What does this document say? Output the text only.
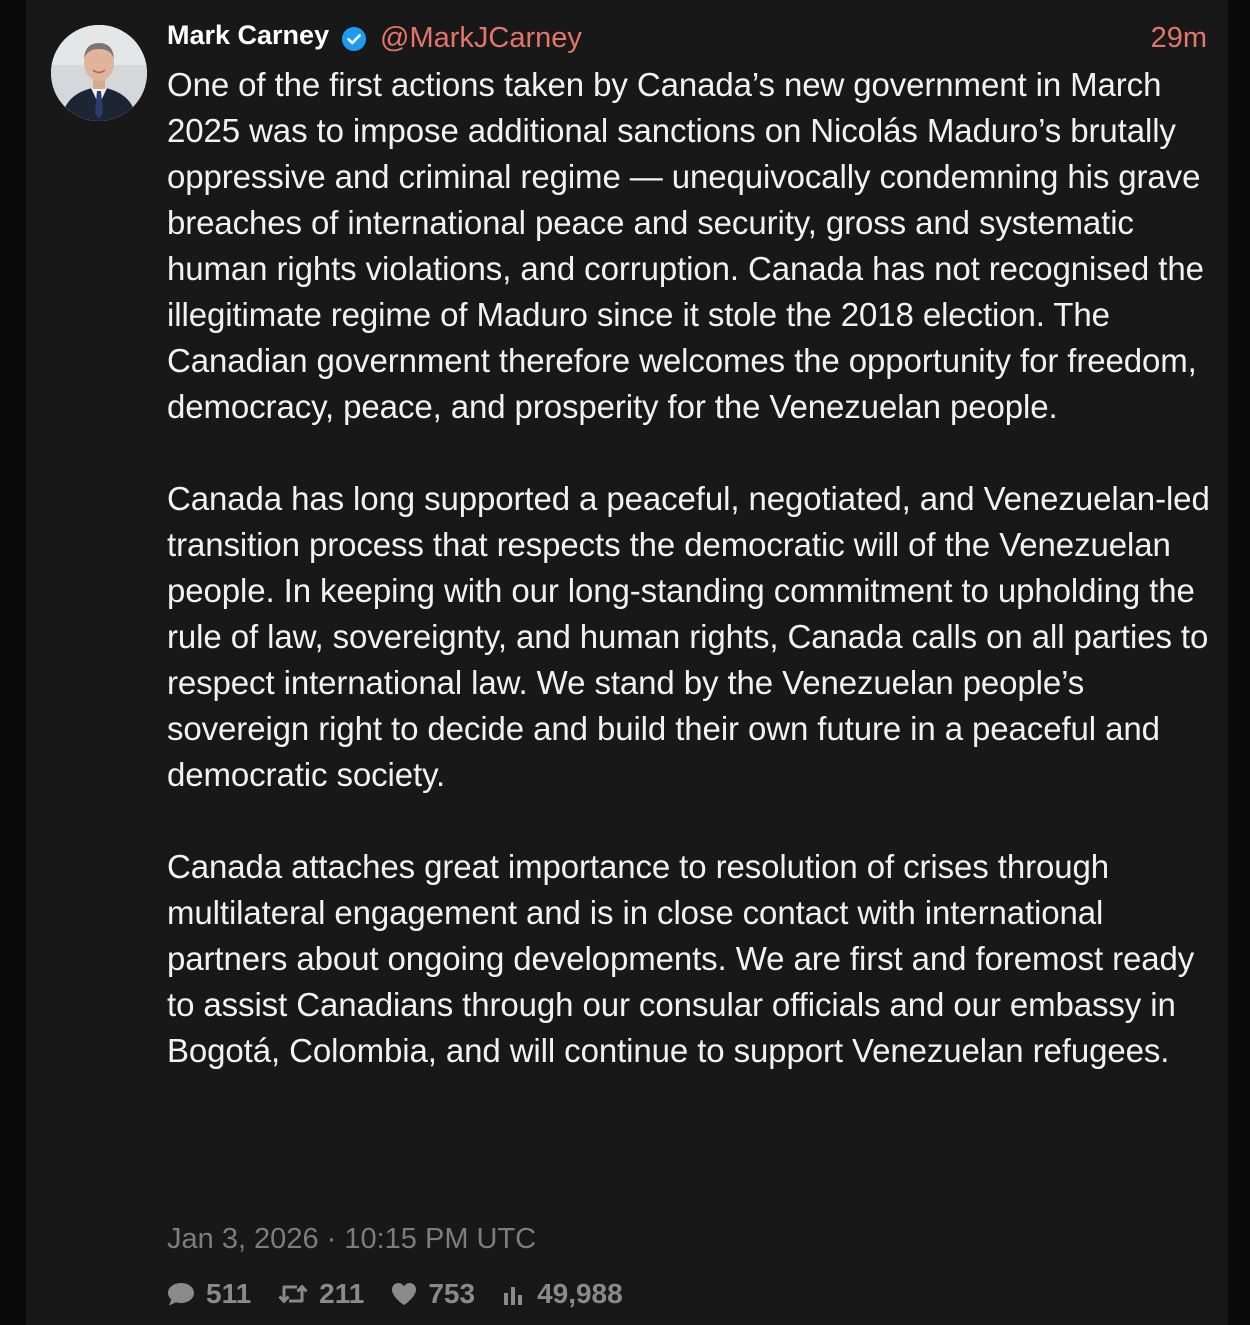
Mark Carney @MarkJCarney	29m

One of the first actions taken by Canada’s new government in March 2025 was to impose additional sanctions on Nicolás Maduro’s brutally oppressive and criminal regime — unequivocally condemning his grave breaches of international peace and security, gross and systematic human rights violations, and corruption. Canada has not recognised the illegitimate regime of Maduro since it stole the 2018 election. The Canadian government therefore welcomes the opportunity for freedom, democracy, peace, and prosperity for the Venezuelan people.

Canada has long supported a peaceful, negotiated, and Venezuelan-led transition process that respects the democratic will of the Venezuelan people. In keeping with our long-standing commitment to upholding the rule of law, sovereignty, and human rights, Canada calls on all parties to respect international law. We stand by the Venezuelan people’s sovereign right to decide and build their own future in a peaceful and democratic society.

Canada attaches great importance to resolution of crises through multilateral engagement and is in close contact with international partners about ongoing developments. We are first and foremost ready to assist Canadians through our consular officials and our embassy in Bogotá, Colombia, and will continue to support Venezuelan refugees.

Jan 3, 2026 · 10:15 PM UTC
511 211 753 49,988
